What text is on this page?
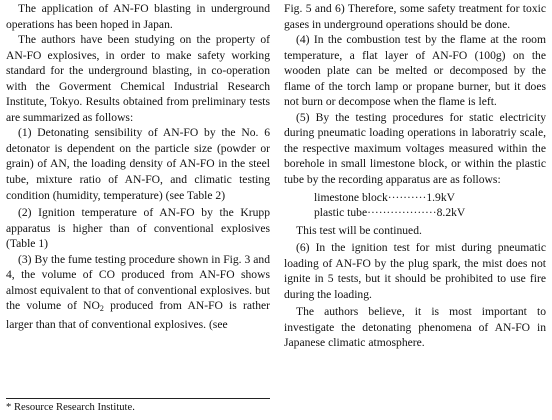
The application of AN-FO blasting in underground operations has been hoped in Japan.

The authors have been studying on the property of AN-FO explosives, in order to make safety working standard for the underground blasting, in co-operation with the Goverment Chemical Industrial Research Institute, Tokyo. Results obtained from preliminary tests are summarized as follows:

(1) Detonating sensibility of AN-FO by the No. 6 detonator is dependent on the particle size (powder or grain) of AN, the loading density of AN-FO in the steel tube, mixture ratio of AN-FO, and climatic testing condition (humidity, temperature) (see Table 2)

(2) Ignition temperature of AN-FO by the Krupp apparatus is higher than of conventional explosives (Table 1)

(3) By the fume testing procedure shown in Fig. 3 and 4, the volume of CO produced from AN-FO shows almost equivalent to that of conventional explosives. but the volume of $NO_2$ produced from AN-FO is rather larger than that of conventional explosives. (see

Fig. 5 and 6) Therefore, some safety treatment for toxic gases in underground operations should be done.

(4) In the combustion test by the flame at the room temperature, a flat layer of AN-FO (100g) on the wooden plate can be melted or decomposed by the flame of the torch lamp or propane burner, but it does not burn or decompose when the flame is left.

(5) By the testing procedures for static electricity during pneumatic loading operations in laboratriy scale, the respective maximum voltages measured within the borehole in small limestone block, or within the plastic tube by the recording apparatus are as follows:

limestone block··········1.9kV
plastic tube··················8.2kV

This test will be continued.

(6) In the ignition test for mist during pneumatic loading of AN-FO by the plug spark, the mist does not ignite in 5 tests, but it should be prohibited to use fire during the loading.

The authors believe, it is most important to investigate the detonating phenomena of AN-FO in Japanese climatic atmosphere.

* Resource Research Institute.
